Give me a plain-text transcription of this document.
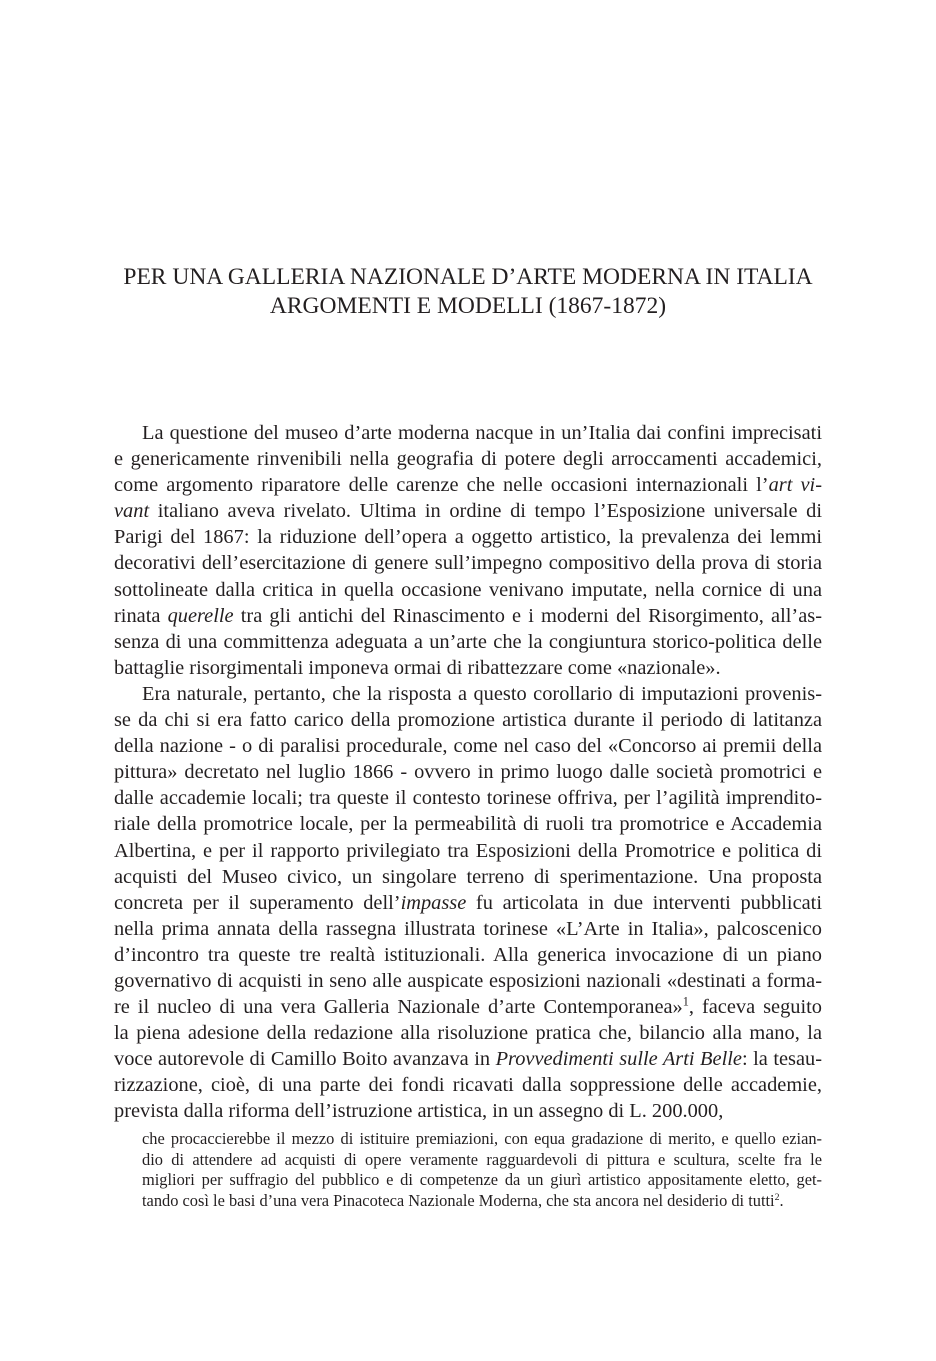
PER UNA GALLERIA NAZIONALE D’ARTE MODERNA IN ITALIA
ARGOMENTI E MODELLI (1867-1872)
La questione del museo d’arte moderna nacque in un’Italia dai confini imprecisati
e genericamente rinvenibili nella geografia di potere degli arroccamenti accademici,
come argomento riparatore delle carenze che nelle occasioni internazionali l’art vi-
vant italiano aveva rivelato. Ultima in ordine di tempo l’Esposizione universale di
Parigi del 1867: la riduzione dell’opera a oggetto artistico, la prevalenza dei lemmi
decorativi dell’esercitazione di genere sull’impegno compositivo della prova di storia
sottolineate dalla critica in quella occasione venivano imputate, nella cornice di una
rinata querelle tra gli antichi del Rinascimento e i moderni del Risorgimento, all’as-
senza di una committenza adeguata a un’arte che la congiuntura storico-politica delle
battaglie risorgimentali imponeva ormai di ribattezzare come «nazionale».
Era naturale, pertanto, che la risposta a questo corollario di imputazioni provenis-
se da chi si era fatto carico della promozione artistica durante il periodo di latitanza
della nazione - o di paralisi procedurale, come nel caso del «Concorso ai premii della
pittura» decretato nel luglio 1866 - ovvero in primo luogo dalle società promotrici e
dalle accademie locali; tra queste il contesto torinese offriva, per l’agilità imprendito-
riale della promotrice locale, per la permeabilità di ruoli tra promotrice e Accademia
Albertina, e per il rapporto privilegiato tra Esposizioni della Promotrice e politica di
acquisti del Museo civico, un singolare terreno di sperimentazione. Una proposta
concreta per il superamento dell’impasse fu articolata in due interventi pubblicati
nella prima annata della rassegna illustrata torinese «L’Arte in Italia», palcoscenico
d’incontro tra queste tre realtà istituzionali. Alla generica invocazione di un piano
governativo di acquisti in seno alle auspicate esposizioni nazionali «destinati a forma-
re il nucleo di una vera Galleria Nazionale d’arte Contemporanea»$^1$, faceva seguito
la piena adesione della redazione alla risoluzione pratica che, bilancio alla mano, la
voce autorevole di Camillo Boito avanzava in Provvedimenti sulle Arti Belle: la tesau-
rizzazione, cioè, di una parte dei fondi ricavati dalla soppressione delle accademie,
prevista dalla riforma dell’istruzione artistica, in un assegno di L. 200.000,
che procaccierebbe il mezzo di istituire premiazioni, con equa gradazione di merito, e quello ezian-
dio di attendere ad acquisti di opere veramente ragguardevoli di pittura e scultura, scelte fra le
migliori per suffragio del pubblico e di competenze da un giurì artistico appositamente eletto, get-
tando così le basi d’una vera Pinacoteca Nazionale Moderna, che sta ancora nel desiderio di tutti$^2$.
